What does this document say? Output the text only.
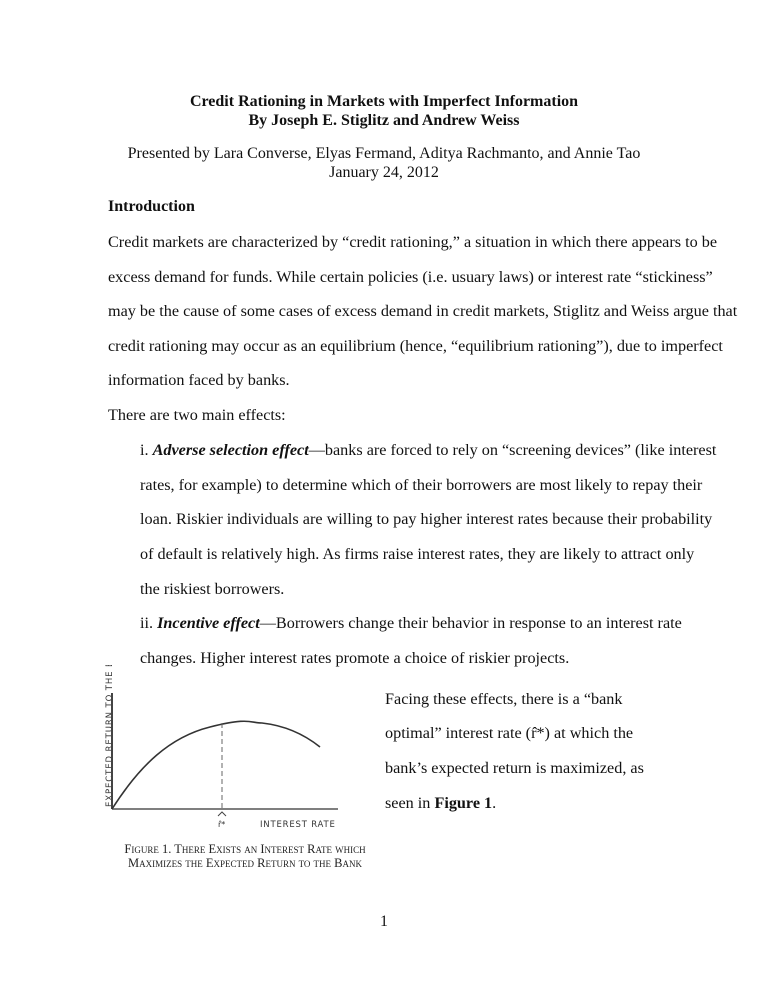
Credit Rationing in Markets with Imperfect Information
By Joseph E. Stiglitz and Andrew Weiss
Presented by Lara Converse, Elyas Fermand, Aditya Rachmanto, and Annie Tao
January 24, 2012
Introduction
Credit markets are characterized by “credit rationing,” a situation in which there appears to be
excess demand for funds. While certain policies (i.e. usuary laws) or interest rate “stickiness”
may be the cause of some cases of excess demand in credit markets, Stiglitz and Weiss argue that
credit rationing may occur as an equilibrium (hence, “equilibrium rationing”), due to imperfect
information faced by banks.
There are two main effects:
i. Adverse selection effect—banks are forced to rely on “screening devices” (like interest
rates, for example) to determine which of their borrowers are most likely to repay their
loan. Riskier individuals are willing to pay higher interest rates because their probability
of default is relatively high. As firms raise interest rates, they are likely to attract only
the riskiest borrowers.
ii. Incentive effect—Borrowers change their behavior in response to an interest rate
changes. Higher interest rates promote a choice of riskier projects.
EXPECTED RETURN TO THE BANK
r̂*	INTEREST RATE
Figure 1. There Exists an Interest Rate which
Maximizes the Expected Return to the Bank
Facing these effects, there is a “bank
optimal” interest rate (r̂*) at which the
bank’s expected return is maximized, as
seen in Figure 1.
1
